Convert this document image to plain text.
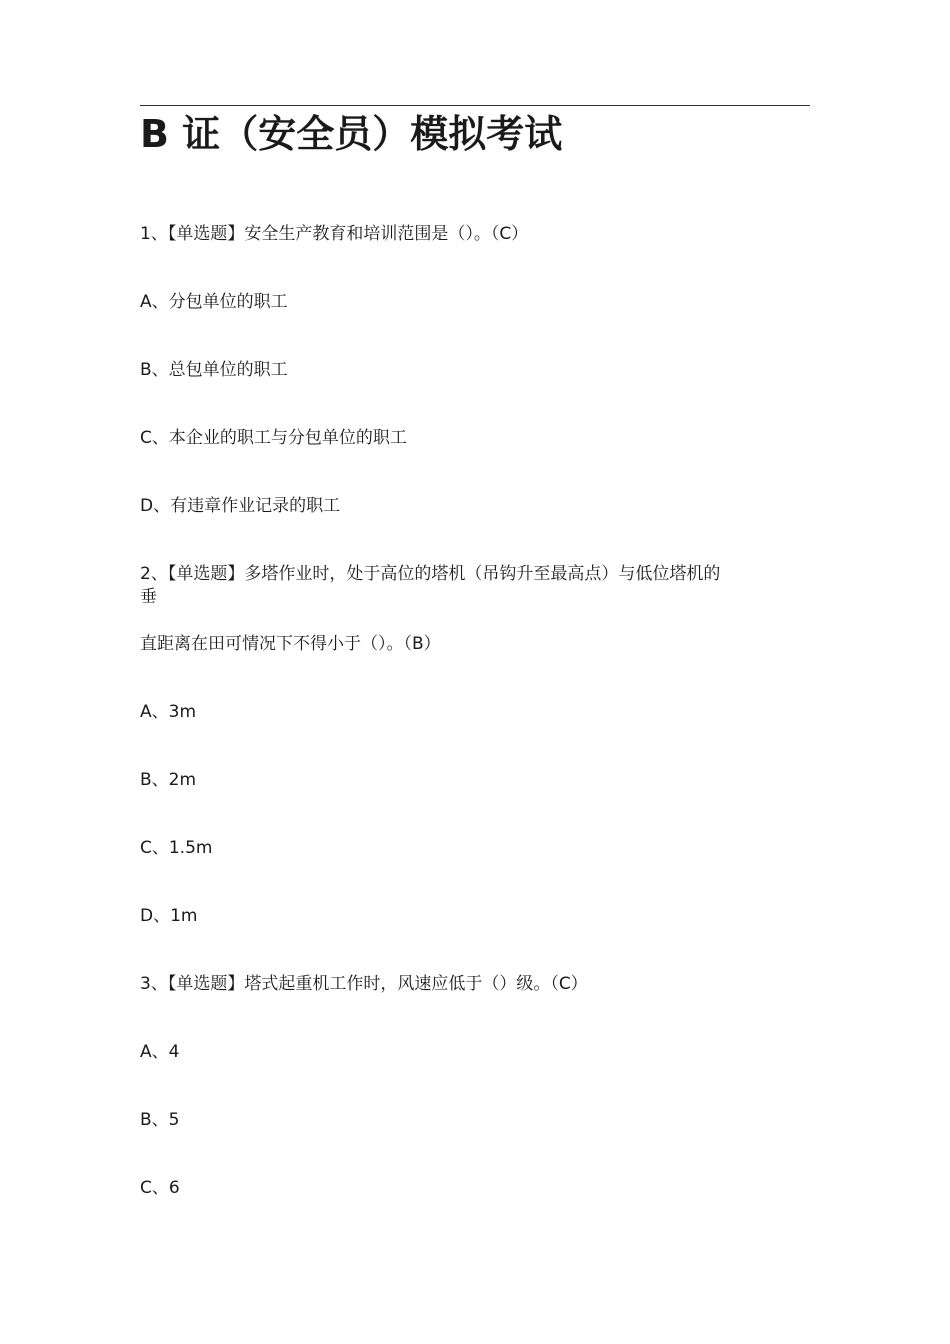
B 证（安全员）模拟考试
1、【单选题】安全生产教育和培训范围是（）。（C）
A、分包单位的职工
B、总包单位的职工
C、本企业的职工与分包单位的职工
D、有违章作业记录的职工
2、【单选题】多塔作业时，处于高位的塔机（吊钩升至最高点）与低位塔机的
垂
直距离在田可情况下不得小于（）。（B）
A、3m
B、2m
C、1.5m
D、1m
3、【单选题】塔式起重机工作时，风速应低于（）级。（C）
A、4
B、5
C、6
